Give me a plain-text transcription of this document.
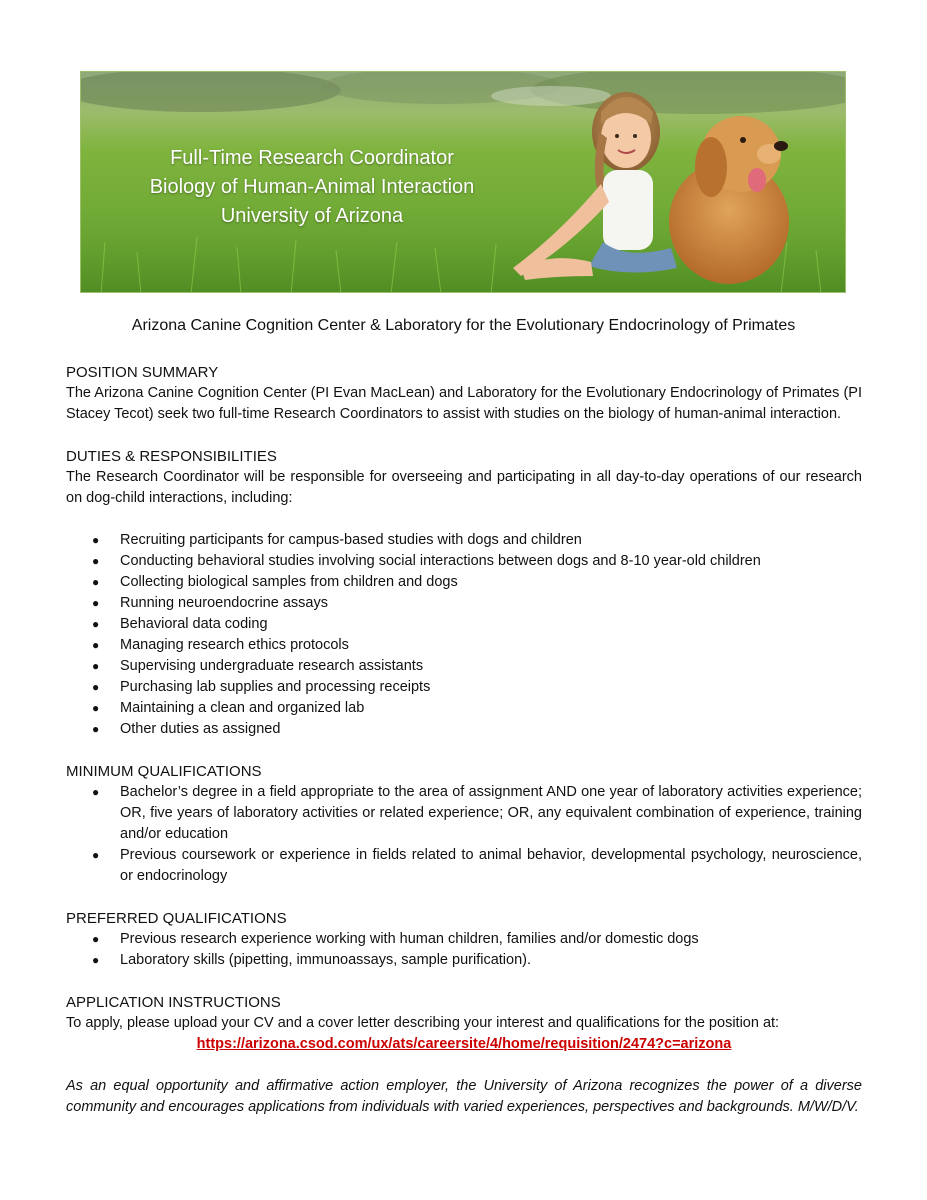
Full-Time Research Coordinator
Biology of Human-Animal Interaction
University of Arizona
Arizona Canine Cognition Center & Laboratory for the Evolutionary Endocrinology of Primates
POSITION SUMMARY

The Arizona Canine Cognition Center (PI Evan MacLean) and Laboratory for the Evolutionary Endocrinology of Primates (PI Stacey Tecot) seek two full-time Research Coordinators to assist with studies on the biology of human-animal interaction.

DUTIES & RESPONSIBILITIES

The Research Coordinator will be responsible for overseeing and participating in all day-to-day operations of our research on dog-child interactions, including:

● Recruiting participants for campus-based studies with dogs and children
● Conducting behavioral studies involving social interactions between dogs and 8-10 year-old children
● Collecting biological samples from children and dogs
● Running neuroendocrine assays
● Behavioral data coding
● Managing research ethics protocols
● Supervising undergraduate research assistants
● Purchasing lab supplies and processing receipts
● Maintaining a clean and organized lab
● Other duties as assigned
MINIMUM QUALIFICATIONS
● Bachelor’s degree in a field appropriate to the area of assignment AND one year of laboratory activities experience; OR, five years of laboratory activities or related experience; OR, any equivalent combination of experience, training and/or education
● Previous coursework or experience in fields related to animal behavior, developmental psychology, neuroscience, or endocrinology
PREFERRED QUALIFICATIONS
● Previous research experience working with human children, families and/or domestic dogs
● Laboratory skills (pipetting, immunoassays, sample purification).
APPLICATION INSTRUCTIONS

To apply, please upload your CV and a cover letter describing your interest and qualifications for the position at:

https://arizona.csod.com/ux/ats/careersite/4/home/requisition/2474?c=arizona

As an equal opportunity and affirmative action employer, the University of Arizona recognizes the power of a diverse community and encourages applications from individuals with varied experiences, perspectives and backgrounds. M/W/D/V.
